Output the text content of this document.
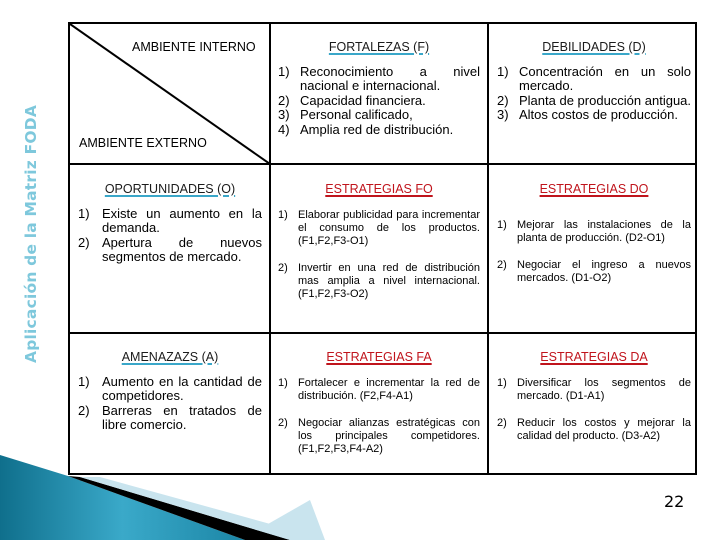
Aplicación de la Matriz FODA
AMBIENTE INTERNO
AMBIENTE EXTERNO
FORTALEZAS (F)
1) Reconocimiento a nivel nacional e internacional.
2) Capacidad financiera.
3) Personal calificado,
4) Amplia red de distribución.
DEBILIDADES (D)
1) Concentración en un solo mercado.
2) Planta de producción antigua.
3) Altos costos de producción.
OPORTUNIDADES (O)
1) Existe un aumento en la demanda.
2) Apertura de nuevos segmentos de mercado.
ESTRATEGIAS FO
1) Elaborar publicidad para incrementar el consumo de los productos. (F1,F2,F3-O1)
2) Invertir en una red de distribución mas amplia a nivel internacional. (F1,F2,F3-O2)
ESTRATEGIAS DO
1) Mejorar las instalaciones de la planta de producción. (D2-O1)
2) Negociar el ingreso a nuevos mercados. (D1-O2)
AMENAZAZS (A)
1) Aumento en la cantidad de competidores.
2) Barreras en tratados de libre comercio.
ESTRATEGIAS FA
1) Fortalecer e incrementar la red de distribución. (F2,F4-A1)
2) Negociar alianzas estratégicas con los principales competidores. (F1,F2,F3,F4-A2)
ESTRATEGIAS DA
1) Diversificar los segmentos de mercado. (D1-A1)
2) Reducir los costos y mejorar la calidad del producto. (D3-A2)
22
